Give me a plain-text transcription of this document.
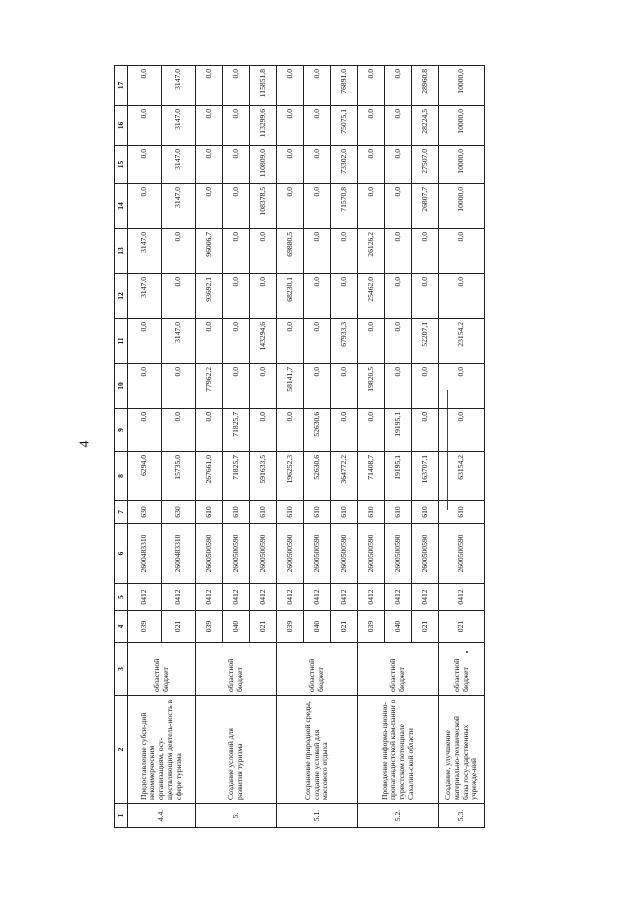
4
1	2	3	4	5	6	7	8	9	10	11	12	13	14	15	16	17
4.4.	Предоставление субси-дий некоммерческим организациям, осу-ществляющим деятель-ность в сфере туризма	областной бюджет	039	0412	2600483310	630	6294,0	0,0	0,0	0,0	3147,0	3147,0	0,0	0,0	0,0	0,0
			021	0412	2600483310	630	15735,0	0,0	0,0	3147,0	0,0	0,0	3147,0	3147,0	3147,0	3147,0
5.	Создание условий для развития туризма	областной бюджет	039	0412	2600500590	610	267661,0	0,0	77962,2	0,0	93692,1	96006,7	0,0	0,0	0,0	0,0
			040	0412	2600500590	610	71825,7	71825,7	0,0	0,0	0,0	0,0	0,0	0,0	0,0	0,0
			021	0412	2600500590	610	591633,5	0,0	0,0	143294,6	0,0	0,0	108378,5	110809,0	113299,6	115851,8
5.1.	Сохранение природной среды, создание условий для массового отдыха	областной бюджет	039	0412	2600500590	610	196252,3	0,0	58141,7	0,0	68230,1	69880,5	0,0	0,0	0,0	0,0
			040	0412	2600500590	610	52630,6	52630,6	0,0	0,0	0,0	0,0	0,0	0,0	0,0	0,0
			021	0412	2600500590	610	364772,2	0,0	0,0	67933,3	0,0	0,0	71570,8	73302,0	75075,1	76891,0
5.2.	Проведение информа-ционно-пропагандистской кам-пании о туристском потенциале Сахалин-ской области	областной бюджет	039	0412	2600500590	610	71408,7	0,0	19820,5	0,0	25462,0	26126,2	0,0	0,0	0,0	0,0
			040	0412	2600500590	610	19195,1	19195,1	0,0	0,0	0,0	0,0	0,0	0,0	0,0	0,0
			021	0412	2600500590	610	163707,1	0,0	0,0	52207,1	0,0	0,0	26807,7	27507,0	28224,5	28960,8
5.3.	Создание, улучшение материально-технической базы госу-дарственных учрежде-ний	областной бюджет	021	0412	2600500590	610	63154,2	0,0	0,0	23154,2	0,0	0,0	10000,0	10000,0	10000,0	10000,0
